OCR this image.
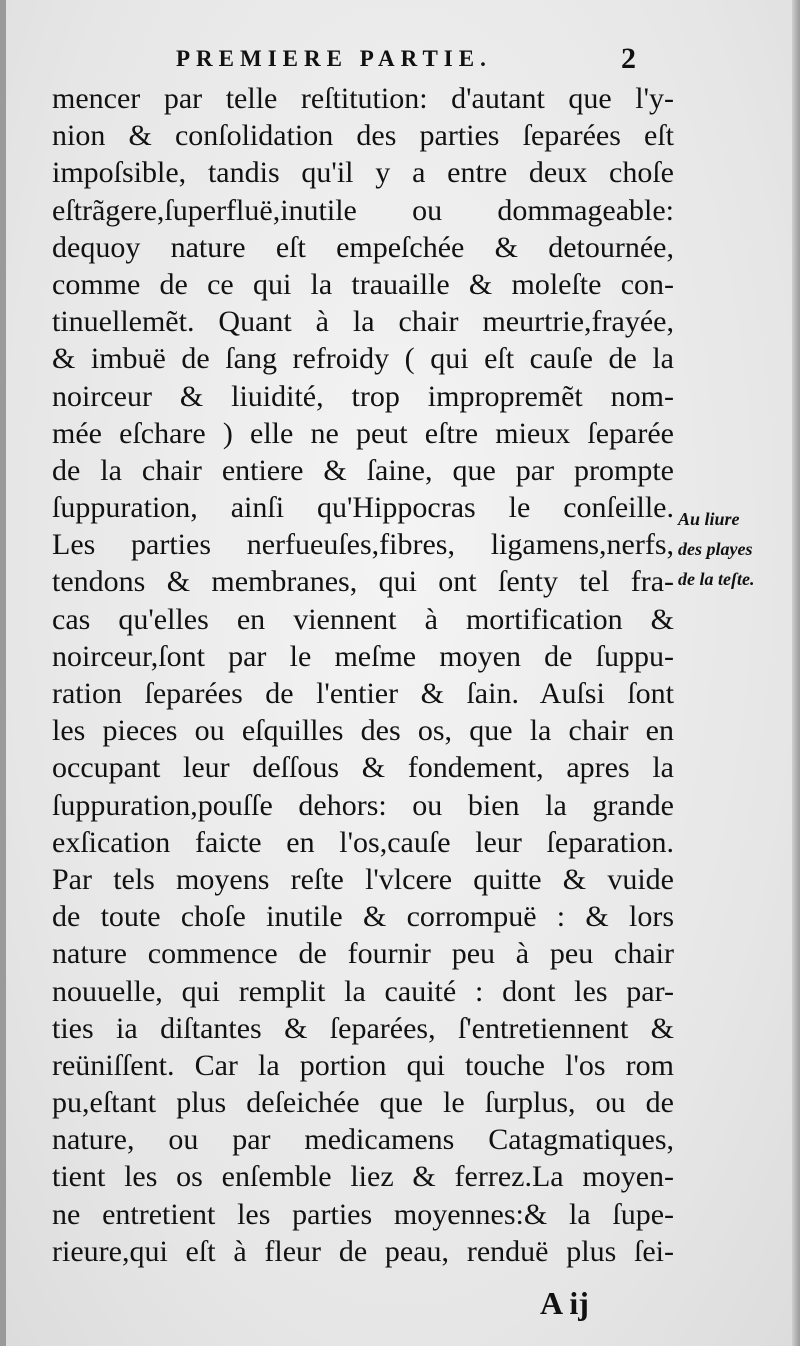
PREMIERE PARTIE.	2
mencer par telle reſtitution: d'autant que l'y-
nion & conſolidation des parties ſeparées eſt
impoſsible, tandis qu'il y a entre deux choſe
eſtrãgere,ſuperfluë,inutile ou dommageable:
dequoy nature eſt empeſchée & detournée,
comme de ce qui la trauaille & moleſte con-
tinuellemẽt. Quant à la chair meurtrie,frayée,
& imbuë de ſang refroidy ( qui eſt cauſe de la
noirceur & liuidité, trop impropremẽt nom-
mée eſchare ) elle ne peut eſtre mieux ſeparée
de la chair entiere & ſaine, que par prompte
ſuppuration, ainſi qu'Hippocras le conſeille.
Les parties nerfueuſes,fibres, ligamens,nerfs,
tendons & membranes, qui ont ſenty tel fra-
cas qu'elles en viennent à mortification &
noirceur,ſont par le meſme moyen de ſuppu-
ration ſeparées de l'entier & ſain. Auſsi ſont
les pieces ou eſquilles des os, que la chair en
occupant leur deſſous & fondement, apres la
ſuppuration,pouſſe dehors: ou bien la grande
exſication faicte en l'os,cauſe leur ſeparation.
Par tels moyens reſte l'vlcere quitte & vuide
de toute choſe inutile & corrompuë : & lors
nature commence de fournir peu à peu chair
nouuelle, qui remplit la cauité : dont les par-
ties ia diſtantes & ſeparées, ſ'entretiennent &
reüniſſent. Car la portion qui touche l'os rom
pu,eſtant plus deſeichée que le ſurplus, ou de
nature, ou par medicamens Catagmatiques,
tient les os enſemble liez & ferrez.La moyen-
ne entretient les parties moyennes:& la ſupe-
rieure,qui eſt à fleur de peau, renduë plus ſei-
Au liure
des playes
de la teſte.
A ij
